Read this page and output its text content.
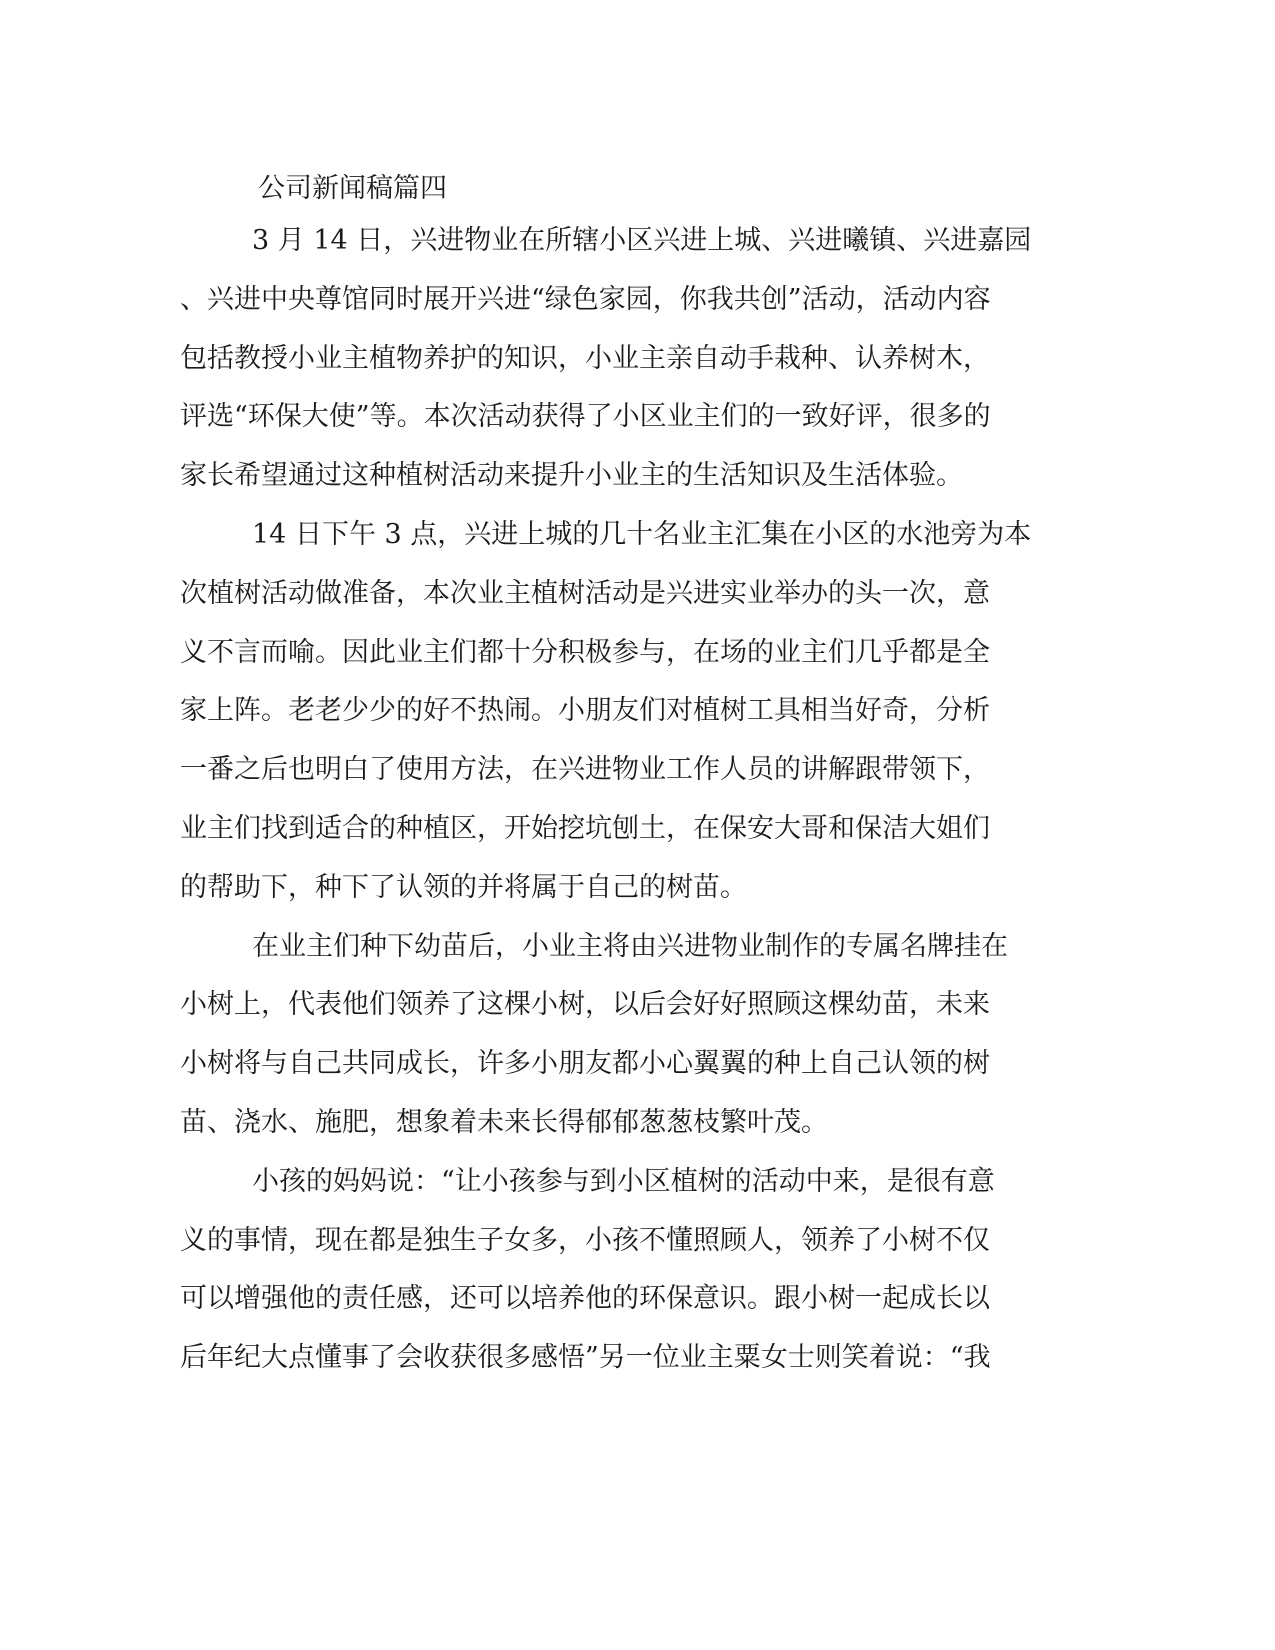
公司新闻稿篇四
3 月 14 日，兴进物业在所辖小区兴进上城、兴进曦镇、兴进嘉园
、兴进中央尊馆同时展开兴进“绿色家园，你我共创”活动，活动内容
包括教授小业主植物养护的知识，小业主亲自动手栽种、认养树木，
评选“环保大使”等。本次活动获得了小区业主们的一致好评，很多的
家长希望通过这种植树活动来提升小业主的生活知识及生活体验。
14 日下午 3 点，兴进上城的几十名业主汇集在小区的水池旁为本
次植树活动做准备，本次业主植树活动是兴进实业举办的头一次，意
义不言而喻。因此业主们都十分积极参与，在场的业主们几乎都是全
家上阵。老老少少的好不热闹。小朋友们对植树工具相当好奇，分析
一番之后也明白了使用方法，在兴进物业工作人员的讲解跟带领下，
业主们找到适合的种植区，开始挖坑刨土，在保安大哥和保洁大姐们
的帮助下，种下了认领的并将属于自己的树苗。
在业主们种下幼苗后，小业主将由兴进物业制作的专属名牌挂在
小树上，代表他们领养了这棵小树，以后会好好照顾这棵幼苗，未来
小树将与自己共同成长，许多小朋友都小心翼翼的种上自己认领的树
苗、浇水、施肥，想象着未来长得郁郁葱葱枝繁叶茂。
小孩的妈妈说：“让小孩参与到小区植树的活动中来，是很有意
义的事情，现在都是独生子女多，小孩不懂照顾人，领养了小树不仅
可以增强他的责任感，还可以培养他的环保意识。跟小树一起成长以
后年纪大点懂事了会收获很多感悟”另一位业主粟女士则笑着说：“我
